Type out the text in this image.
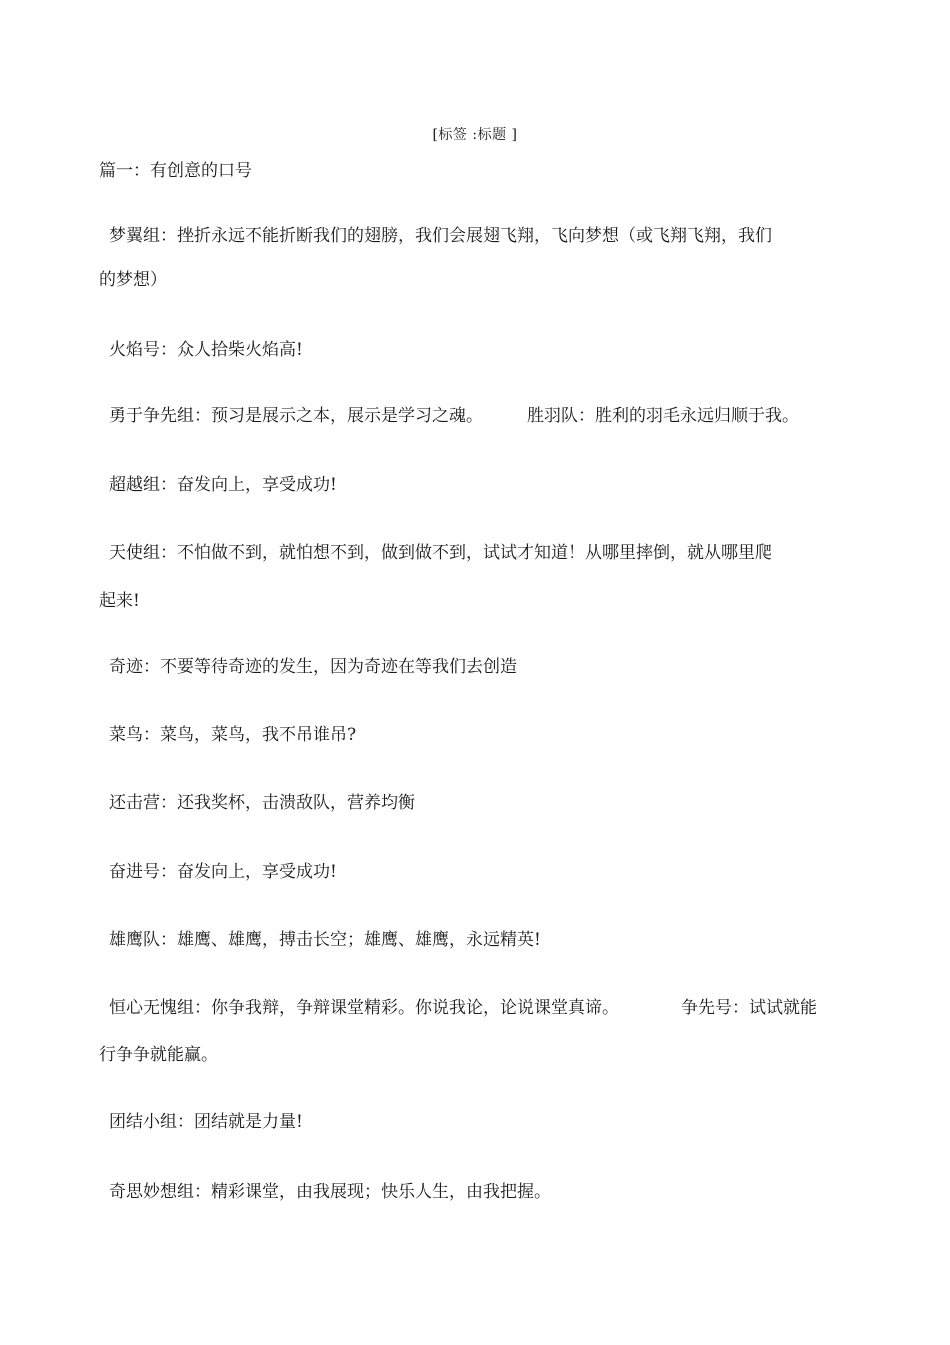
[标签 :标题 ]
篇一：有创意的口号
梦翼组：挫折永远不能折断我们的翅膀，我们会展翅飞翔，飞向梦想（或飞翔飞翔，我们
的梦想）
火焰号：众人拾柴火焰高!
勇于争先组：预习是展示之本，展示是学习之魂。	胜羽队：胜利的羽毛永远归顺于我。
超越组：奋发向上，享受成功!
天使组：不怕做不到，就怕想不到，做到做不到，试试才知道！从哪里摔倒，就从哪里爬
起来!
奇迹：不要等待奇迹的发生，因为奇迹在等我们去创造
菜鸟：菜鸟，菜鸟，我不吊谁吊?
还击营：还我奖杯，击溃敌队，营养均衡
奋进号：奋发向上，享受成功!
雄鹰队：雄鹰、雄鹰，搏击长空；雄鹰、雄鹰，永远精英!
恒心无愧组：你争我辩，争辩课堂精彩。你说我论，论说课堂真谛。	争先号：试试就能
行争争就能赢。
团结小组：团结就是力量!
奇思妙想组：精彩课堂，由我展现；快乐人生，由我把握。
